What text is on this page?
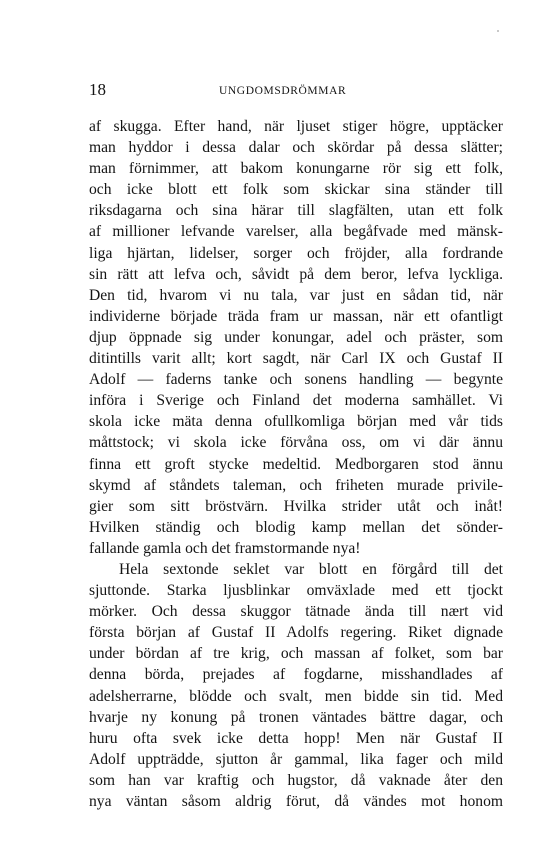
18	UNGDOMSDRÖMMAR
af skugga. Efter hand, när ljuset stiger högre, upptäcker
man hyddor i dessa dalar och skördar på dessa slätter;
man förnimmer, att bakom konungarne rör sig ett folk,
och icke blott ett folk som skickar sina ständer till
riksdagarna och sina härar till slagfälten, utan ett folk
af millioner lefvande varelser, alla begåfvade med mänsk-
liga hjärtan, lidelser, sorger och fröjder, alla fordrande
sin rätt att lefva och, såvidt på dem beror, lefva lyckliga.
Den tid, hvarom vi nu tala, var just en sådan tid, när
individerne började träda fram ur massan, när ett ofantligt
djup öppnade sig under konungar, adel och präster, som
ditintills varit allt; kort sagdt, när Carl IX och Gustaf II
Adolf — faderns tanke och sonens handling — begynte
införa i Sverige och Finland det moderna samhället. Vi
skola icke mäta denna ofullkomliga början med vår tids
måttstock; vi skola icke förvåna oss, om vi där ännu
finna ett groft stycke medeltid. Medborgaren stod ännu
skymd af ståndets taleman, och friheten murade privile-
gier som sitt bröstvärn. Hvilka strider utåt och inåt!
Hvilken ständig och blodig kamp mellan det sönder-
fallande gamla och det framstormande nya!
Hela sextonde seklet var blott en förgård till det
sjuttonde. Starka ljusblinkar omväxlade med ett tjockt
mörker. Och dessa skuggor tätnade ända till nært vid
första början af Gustaf II Adolfs regering. Riket dignade
under bördan af tre krig, och massan af folket, som bar
denna börda, prejades af fogdarne, misshandlades af
adelsherrarne, blödde och svalt, men bidde sin tid. Med
hvarje ny konung på tronen väntades bättre dagar, och
huru ofta svek icke detta hopp! Men när Gustaf II
Adolf uppträdde, sjutton år gammal, lika fager och mild
som han var kraftig och hugstor, då vaknade åter den
nya väntan såsom aldrig förut, då vändes mot honom
